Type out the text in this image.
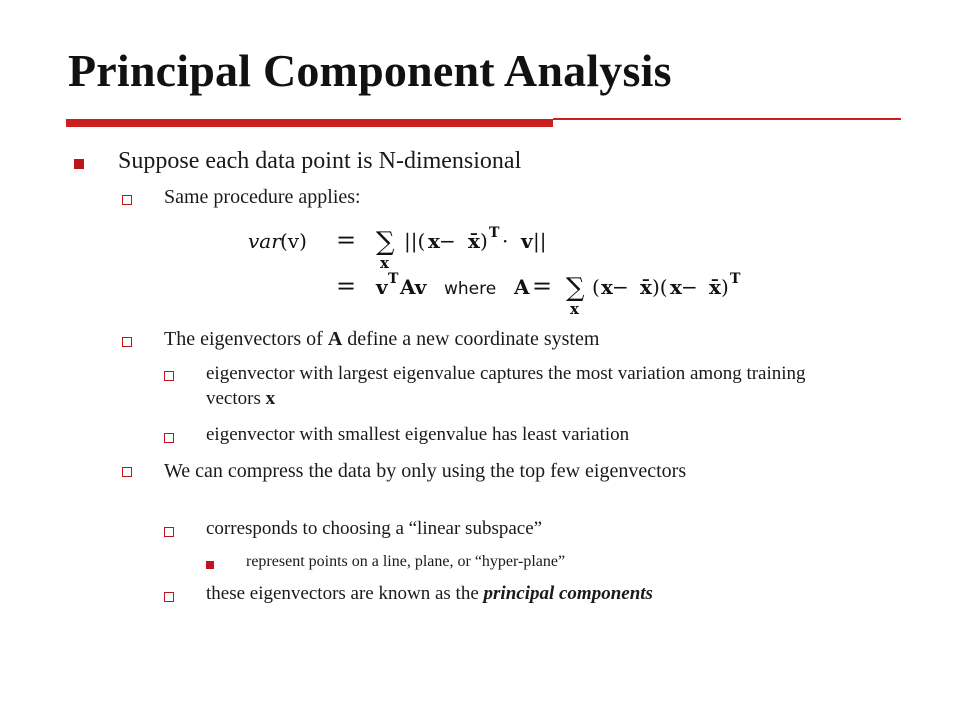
Principal Component Analysis
Suppose each data point is N-dimensional
Same procedure applies:
var (v) = ∑
x
||( x − x̄ ) T · v ||
= v T Av where A = ∑
x
( x − x̄ )( x − x̄ ) T
The eigenvectors of A define a new coordinate system
eigenvector with largest eigenvalue captures the most variation among training vectors x
eigenvector with smallest eigenvalue has least variation
We can compress the data by only using the top few eigenvectors
corresponds to choosing a “linear subspace”
represent points on a line, plane, or “hyper-plane”
these eigenvectors are known as the principal components
